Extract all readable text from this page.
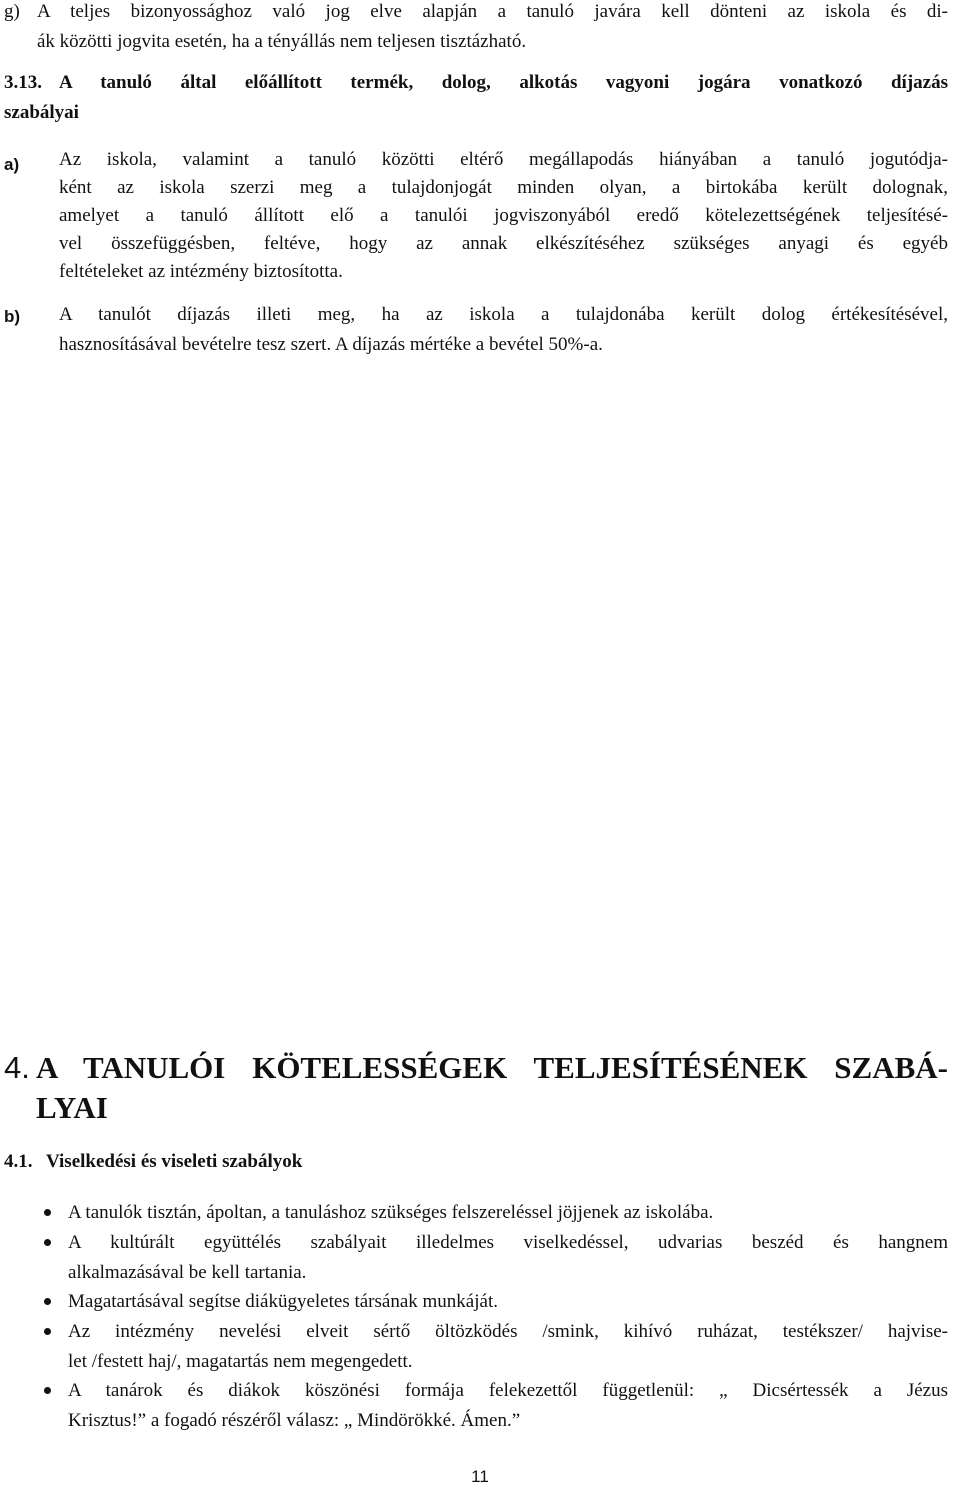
g) A teljes bizonyossághoz való jog elve alapján a tanuló javára kell dönteni az iskola és di-
ák közötti jogvita esetén, ha a tényállás nem teljesen tisztázható.
3.13. A tanuló által előállított termék, dolog, alkotás vagyoni jogára vonatkozó díjazás
szabályai
a) Az iskola, valamint a tanuló közötti eltérő megállapodás hiányában a tanuló jogutódja-
ként az iskola szerzi meg a tulajdonjogát minden olyan, a birtokába került dolognak,
amelyet a tanuló állított elő a tanulói jogviszonyából eredő kötelezettségének teljesítésé-
vel összefüggésben, feltéve, hogy az annak elkészítéséhez szükséges anyagi és egyéb
feltételeket az intézmény biztosította.
b) A tanulót díjazás illeti meg, ha az iskola a tulajdonába került dolog értékesítésével,
hasznosításával bevételre tesz szert. A díjazás mértéke a bevétel 50%-a.
4. A TANULÓI KÖTELESSÉGEK TELJESÍTÉSÉNEK SZABÁ-
LYAI
4.1. Viselkedési és viseleti szabályok
A tanulók tisztán, ápoltan, a tanuláshoz szükséges felszereléssel jöjjenek az iskolába.
A kultúrált együttélés szabályait illedelmes viselkedéssel, udvarias beszéd és hangnem
alkalmazásával be kell tartania.
Magatartásával segítse diákügyeletes társának munkáját.
Az intézmény nevelési elveit sértő öltözködés /smink, kihívó ruházat, testékszer/ hajvise-
let /festett haj/, magatartás nem megengedett.
A tanárok és diákok köszönési formája felekezettől függetlenül: „ Dicsértessék a Jézus
Krisztus!” a fogadó részéről válasz: „ Mindörökké. Ámen.”
11
